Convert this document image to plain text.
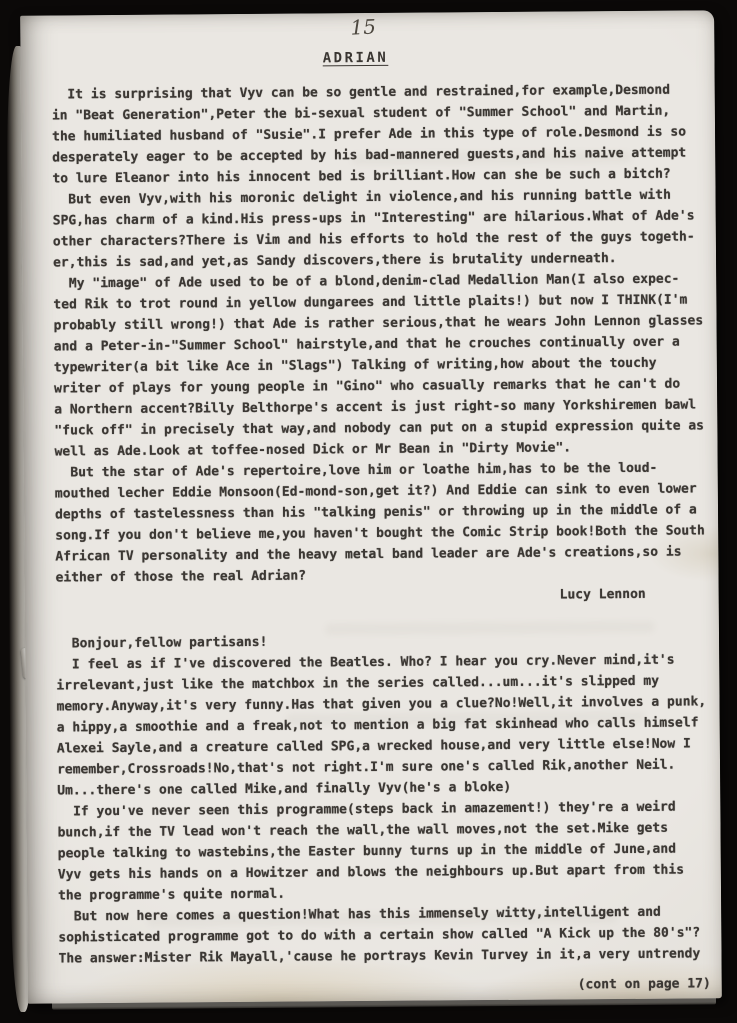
15
ADRIAN
It is surprising that Vyv can be so gentle and restrained,for example,Desmond
in "Beat Generation",Peter the bi-sexual student of "Summer School" and Martin,
the humiliated husband of "Susie".I prefer Ade in this type of role.Desmond is so
desperately eager to be accepted by his bad-mannered guests,and his naive attempt
to lure Eleanor into his innocent bed is brilliant.How can she be such a bitch?
But even Vyv,with his moronic delight in violence,and his running battle with
SPG,has charm of a kind.His press-ups in "Interesting" are hilarious.What of Ade's
other characters?There is Vim and his efforts to hold the rest of the guys togeth-
er,this is sad,and yet,as Sandy discovers,there is brutality underneath.
My "image" of Ade used to be of a blond,denim-clad Medallion Man(I also expec-
ted Rik to trot round in yellow dungarees and little plaits!) but now I THINK(I'm
probably still wrong!) that Ade is rather serious,that he wears John Lennon glasses
and a Peter-in-"Summer School" hairstyle,and that he crouches continually over a
typewriter(a bit like Ace in "Slags") Talking of writing,how about the touchy
writer of plays for young people in "Gino" who casually remarks that he can't do
a Northern accent?Billy Belthorpe's accent is just right-so many Yorkshiremen bawl
"fuck off" in precisely that way,and nobody can put on a stupid expression quite as
well as Ade.Look at toffee-nosed Dick or Mr Bean in "Dirty Movie".
But the star of Ade's repertoire,love him or loathe him,has to be the loud-
mouthed lecher Eddie Monsoon(Ed-mond-son,get it?) And Eddie can sink to even lower
depths of tastelessness than his "talking penis" or throwing up in the middle of a
song.If you don't believe me,you haven't bought the Comic Strip book!Both the South
African TV personality and the heavy metal band leader are Ade's creations,so is
either of those the real Adrian?
Lucy Lennon
Bonjour,fellow partisans!
I feel as if I've discovered the Beatles. Who? I hear you cry.Never mind,it's
irrelevant,just like the matchbox in the series called...um...it's slipped my
memory.Anyway,it's very funny.Has that given you a clue?No!Well,it involves a punk,
a hippy,a smoothie and a freak,not to mention a big fat skinhead who calls himself
Alexei Sayle,and a creature called SPG,a wrecked house,and very little else!Now I
remember,Crossroads!No,that's not right.I'm sure one's called Rik,another Neil.
Um...there's one called Mike,and finally Vyv(he's a bloke)
If you've never seen this programme(steps back in amazement!) they're a weird
bunch,if the TV lead won't reach the wall,the wall moves,not the set.Mike gets
people talking to wastebins,the Easter bunny turns up in the middle of June,and
Vyv gets his hands on a Howitzer and blows the neighbours up.But apart from this
the programme's quite normal.
But now here comes a question!What has this immensely witty,intelligent and
sophisticated programme got to do with a certain show called "A Kick up the 80's"?
The answer:Mister Rik Mayall,'cause he portrays Kevin Turvey in it,a very untrendy
(cont on page 17)
